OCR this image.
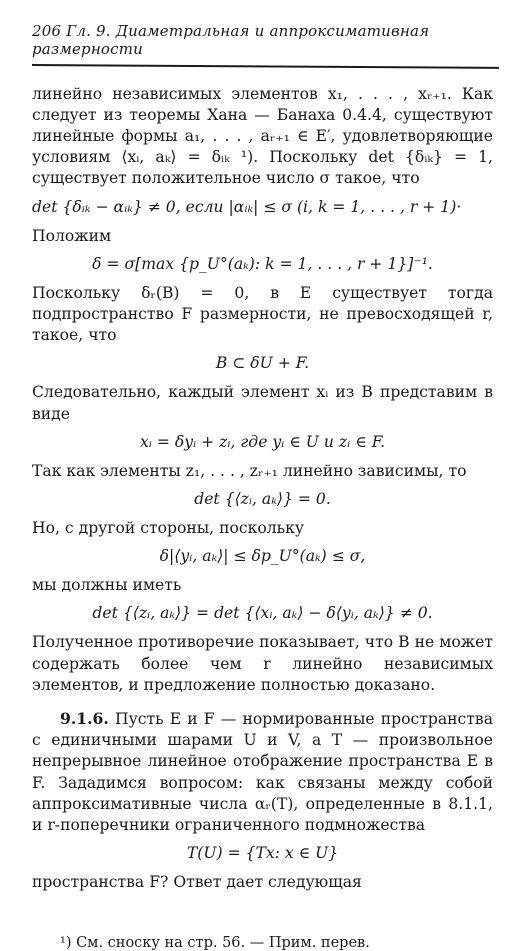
206 Гл. 9. Диаметральная и аппроксимативная размерности

линейно независимых элементов x₁, . . . , xᵣ₊₁. Как следует из теоремы Хана — Банаха 0.4.4, существуют линейные формы a₁, . . . , aᵣ₊₁ ∈ E′, удовлетворяющие условиям ⟨xᵢ, aₖ⟩ = δᵢₖ ¹). Поскольку det {δᵢₖ} = 1, существует положительное число σ такое, что

det {δᵢₖ − αᵢₖ} ≠ 0, если |αᵢₖ| ≤ σ (i, k = 1, . . . , r + 1)·

Положим

δ = σ[max {p_U°(aₖ): k = 1, . . . , r + 1}]⁻¹.

Поскольку δᵣ(B) = 0, в E существует тогда подпространство F размерности, не превосходящей r, такое, что

B ⊂ δU + F.

Следовательно, каждый элемент xᵢ из B представим в виде

xᵢ = δyᵢ + zᵢ, где yᵢ ∈ U и zᵢ ∈ F.

Так как элементы z₁, . . . , zᵣ₊₁ линейно зависимы, то

det {⟨zᵢ, aₖ⟩} = 0.

Но, с другой стороны, поскольку

δ|⟨yᵢ, aₖ⟩| ≤ δp_U°(aₖ) ≤ σ,

мы должны иметь

det {⟨zᵢ, aₖ⟩} = det {⟨xᵢ, aₖ⟩ − δ⟨yᵢ, aₖ⟩} ≠ 0.

Полученное противоречие показывает, что B не может содержать более чем r линейно независимых элементов, и предложение полностью доказано.

9.1.6. Пусть E и F — нормированные пространства с единичными шарами U и V, а T — произвольное непрерывное линейное отображение пространства E в F. Зададимся вопросом: как связаны между собой аппроксимативные числа αᵣ(T), определенные в 8.1.1, и r-поперечники ограниченного подмножества

T(U) = {Tx: x ∈ U}

пространства F? Ответ дает следующая

¹) См. сноску на стр. 56. — Прим. перев.
